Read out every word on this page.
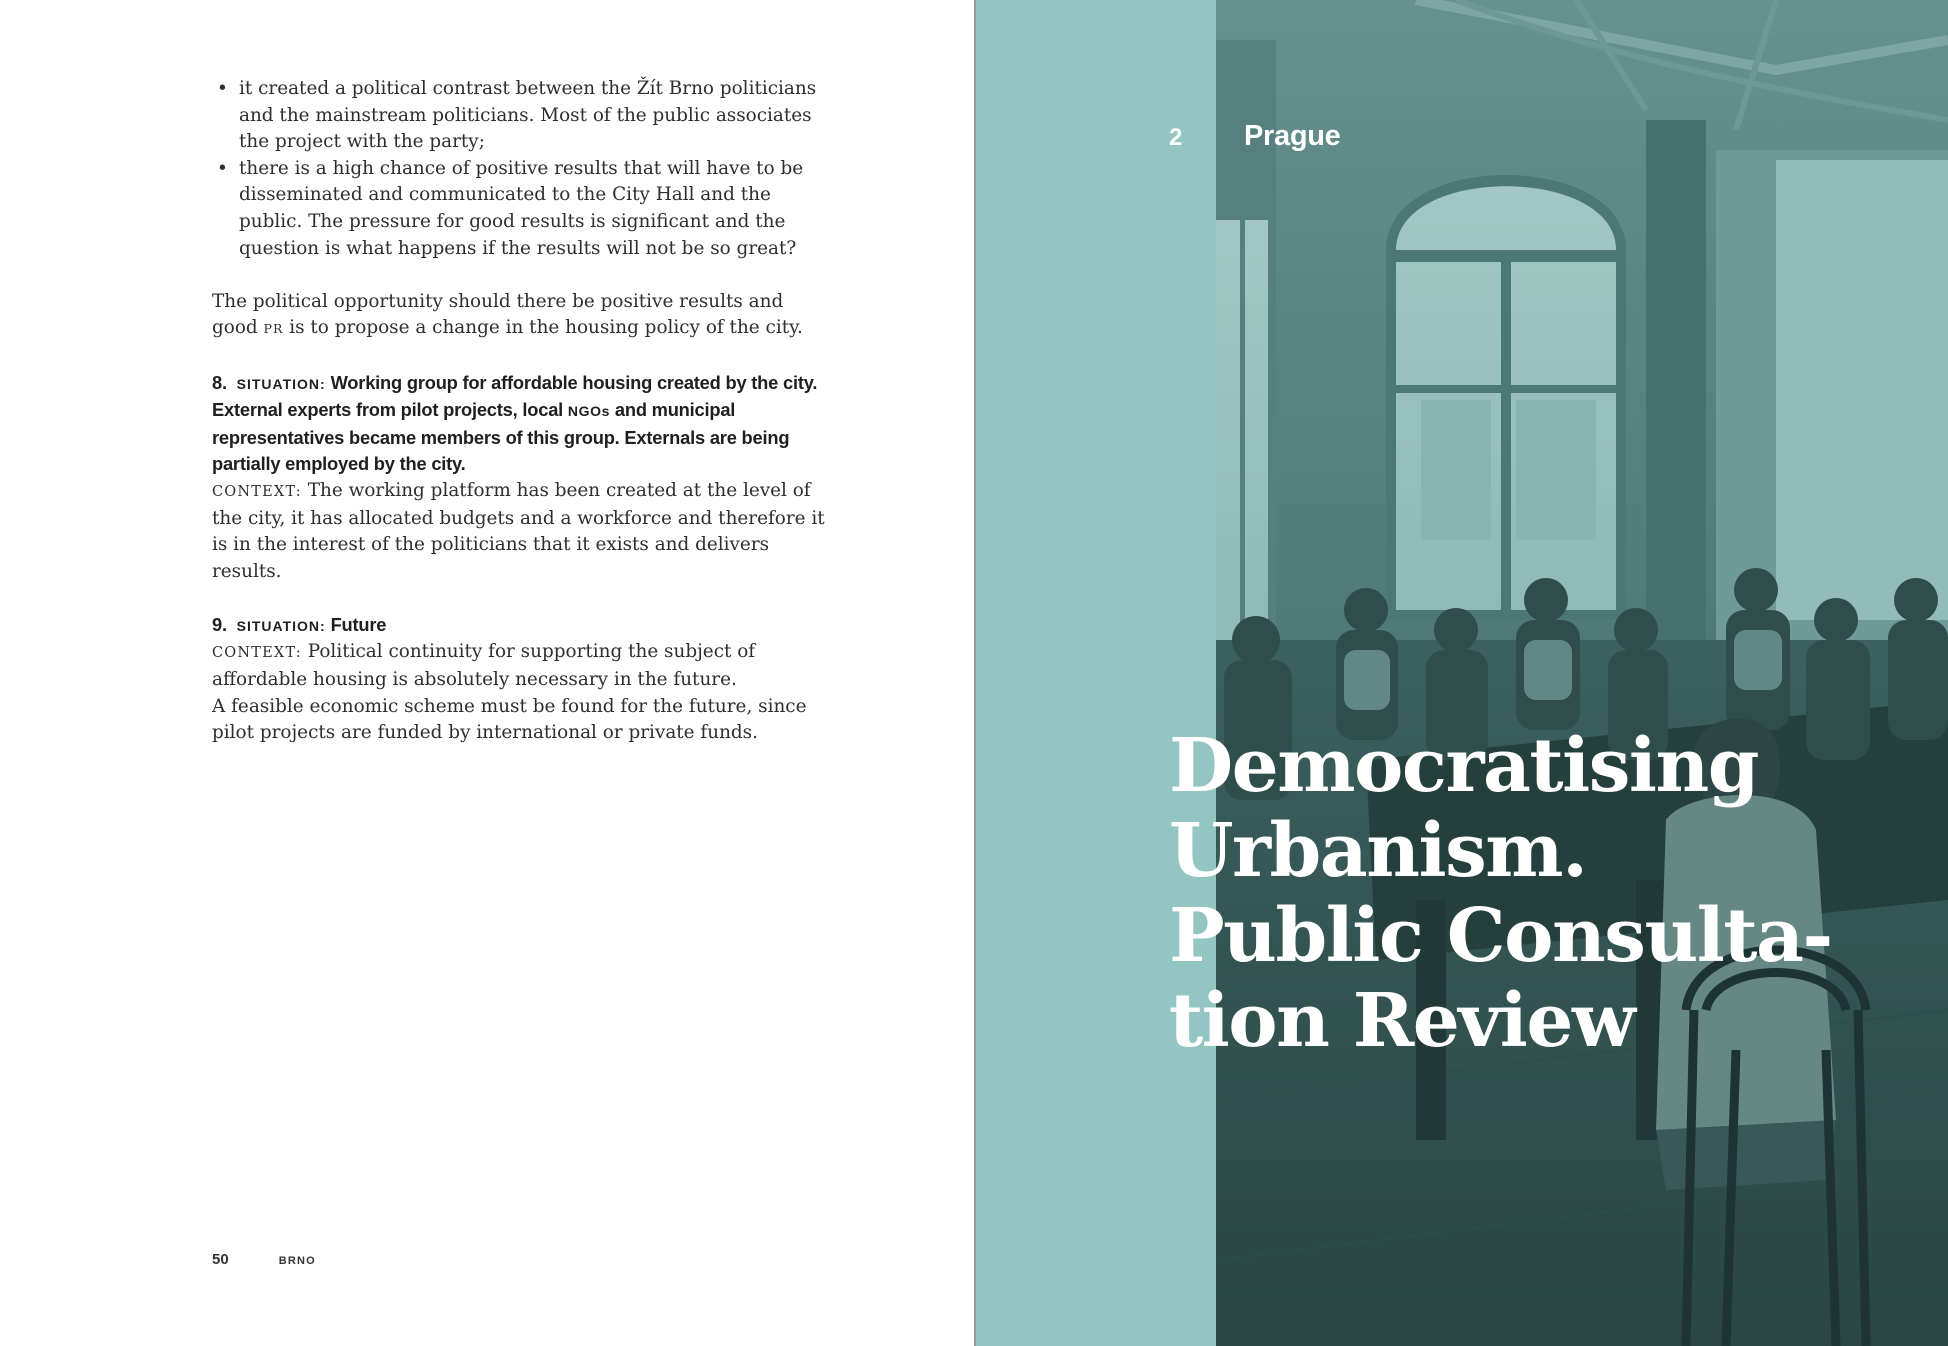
• it created a political contrast between the Žít Brno politicians and the mainstream politicians. Most of the public associates the project with the party;
• there is a high chance of positive results that will have to be disseminated and communicated to the City Hall and the public. The pressure for good results is significant and the question is what happens if the results will not be so great?

The political opportunity should there be positive results and good PR is to propose a change in the housing policy of the city.

8. SITUATION: Working group for affordable housing created by the city. External experts from pilot projects, local NGOs and municipal representatives became members of this group. Externals are being partially employed by the city.

CONTEXT: The working platform has been created at the level of the city, it has allocated budgets and a workforce and therefore it is in the interest of the politicians that it exists and delivers results.

9. SITUATION: Future

CONTEXT: Political continuity for supporting the subject of affordable housing is absolutely necessary in the future.

A feasible economic scheme must be found for the future, since pilot projects are funded by international or private funds.

50	BRNO
2 Prague
Democratising
Urbanism.
Public Consulta-
tion Review
